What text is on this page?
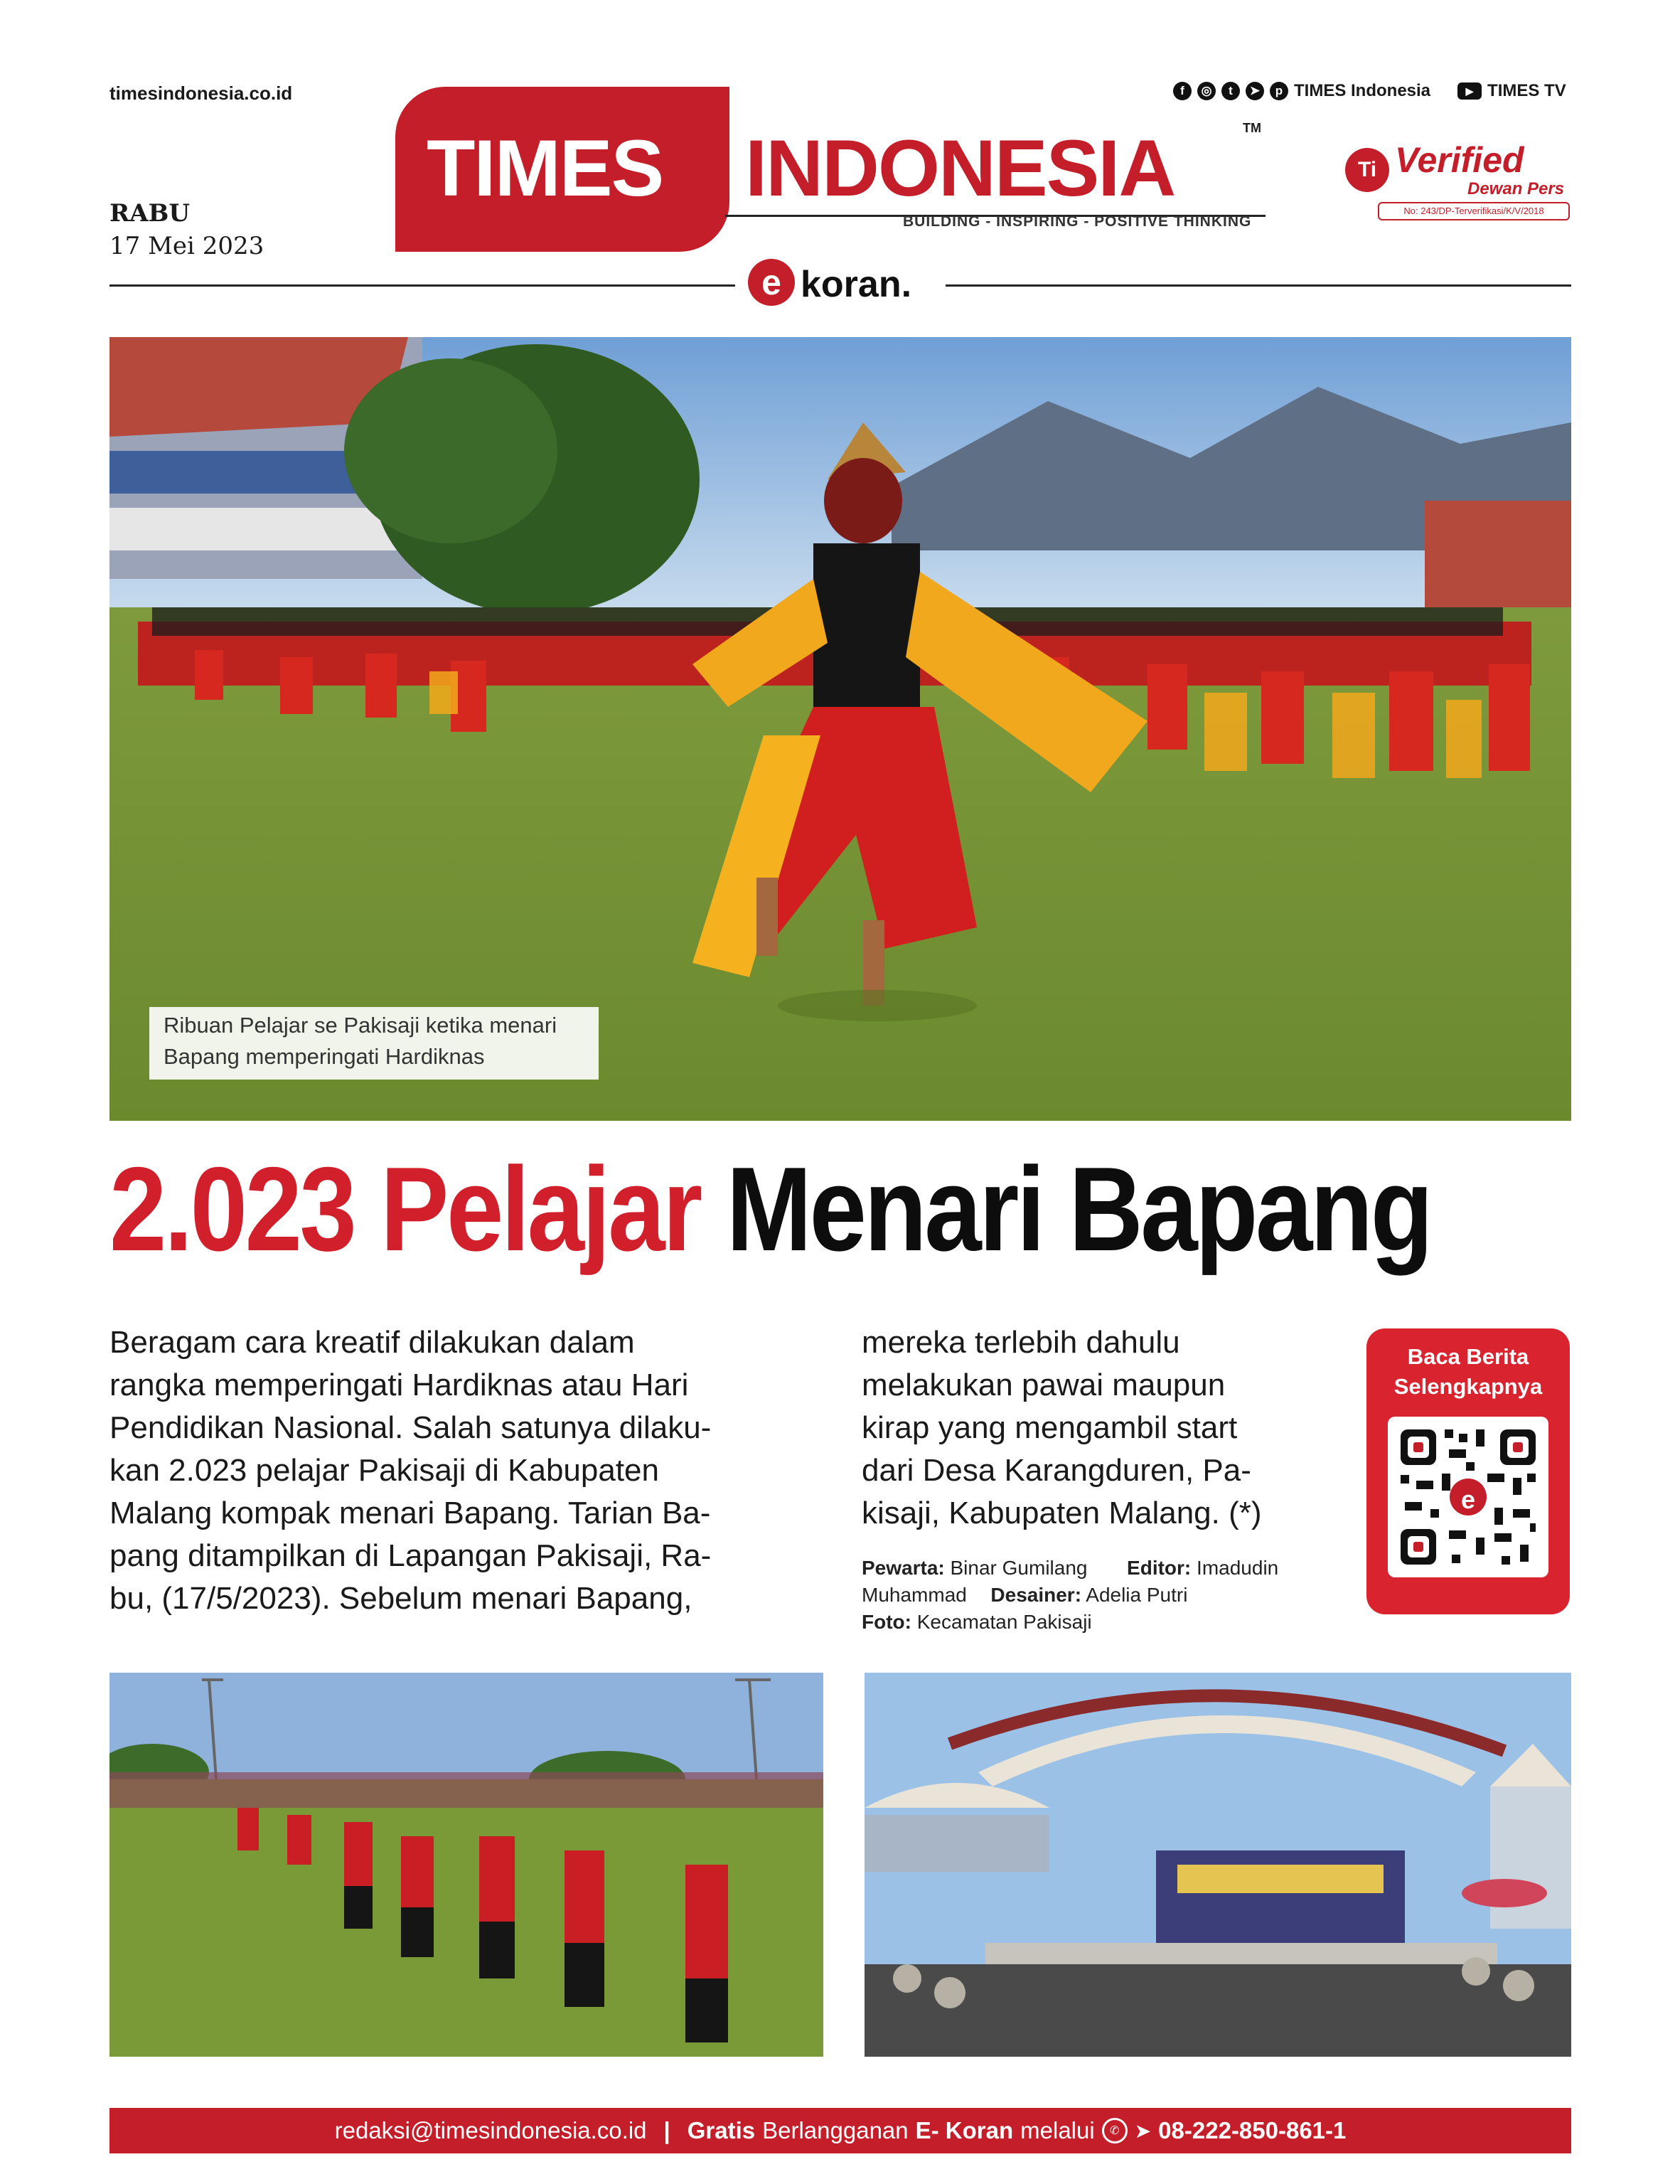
timesindonesia.co.id
RABU
17 Mei 2023
f	◎	t	➤	p TIMES Indonesia	▶ TIMES TV
TIMES INDONESIA	TM
BUILDING - INSPIRING - POSITIVE THINKING
Ti Verified
Dewan Pers
No: 243/DP-Terverifikasi/K/V/2018
e koran.
Ribuan Pelajar se Pakisaji ketika menari
Bapang memperingati Hardiknas
2.023 Pelajar Menari Bapang
Beragam cara kreatif dilakukan dalam
rangka memperingati Hardiknas atau Hari
Pendidikan Nasional. Salah satunya dilaku-
kan 2.023 pelajar Pakisaji di Kabupaten
Malang kompak menari Bapang. Tarian Ba-
pang ditampilkan di Lapangan Pakisaji, Ra-
bu, (17/5/2023). Sebelum menari Bapang,
mereka terlebih dahulu
melakukan pawai maupun
kirap yang mengambil start
dari Desa Karangduren, Pa-
kisaji, Kabupaten Malang. (*)
Pewarta: Binar Gumilang Editor: Imadudin
Muhammad Desainer: Adelia Putri
Foto: Kecamatan Pakisaji
Baca Berita
Selengkapnya
e
redaksi@timesindonesia.co.id | Gratis Berlangganan E- Koran melalui	✆ ➤ 08-222-850-861-1
